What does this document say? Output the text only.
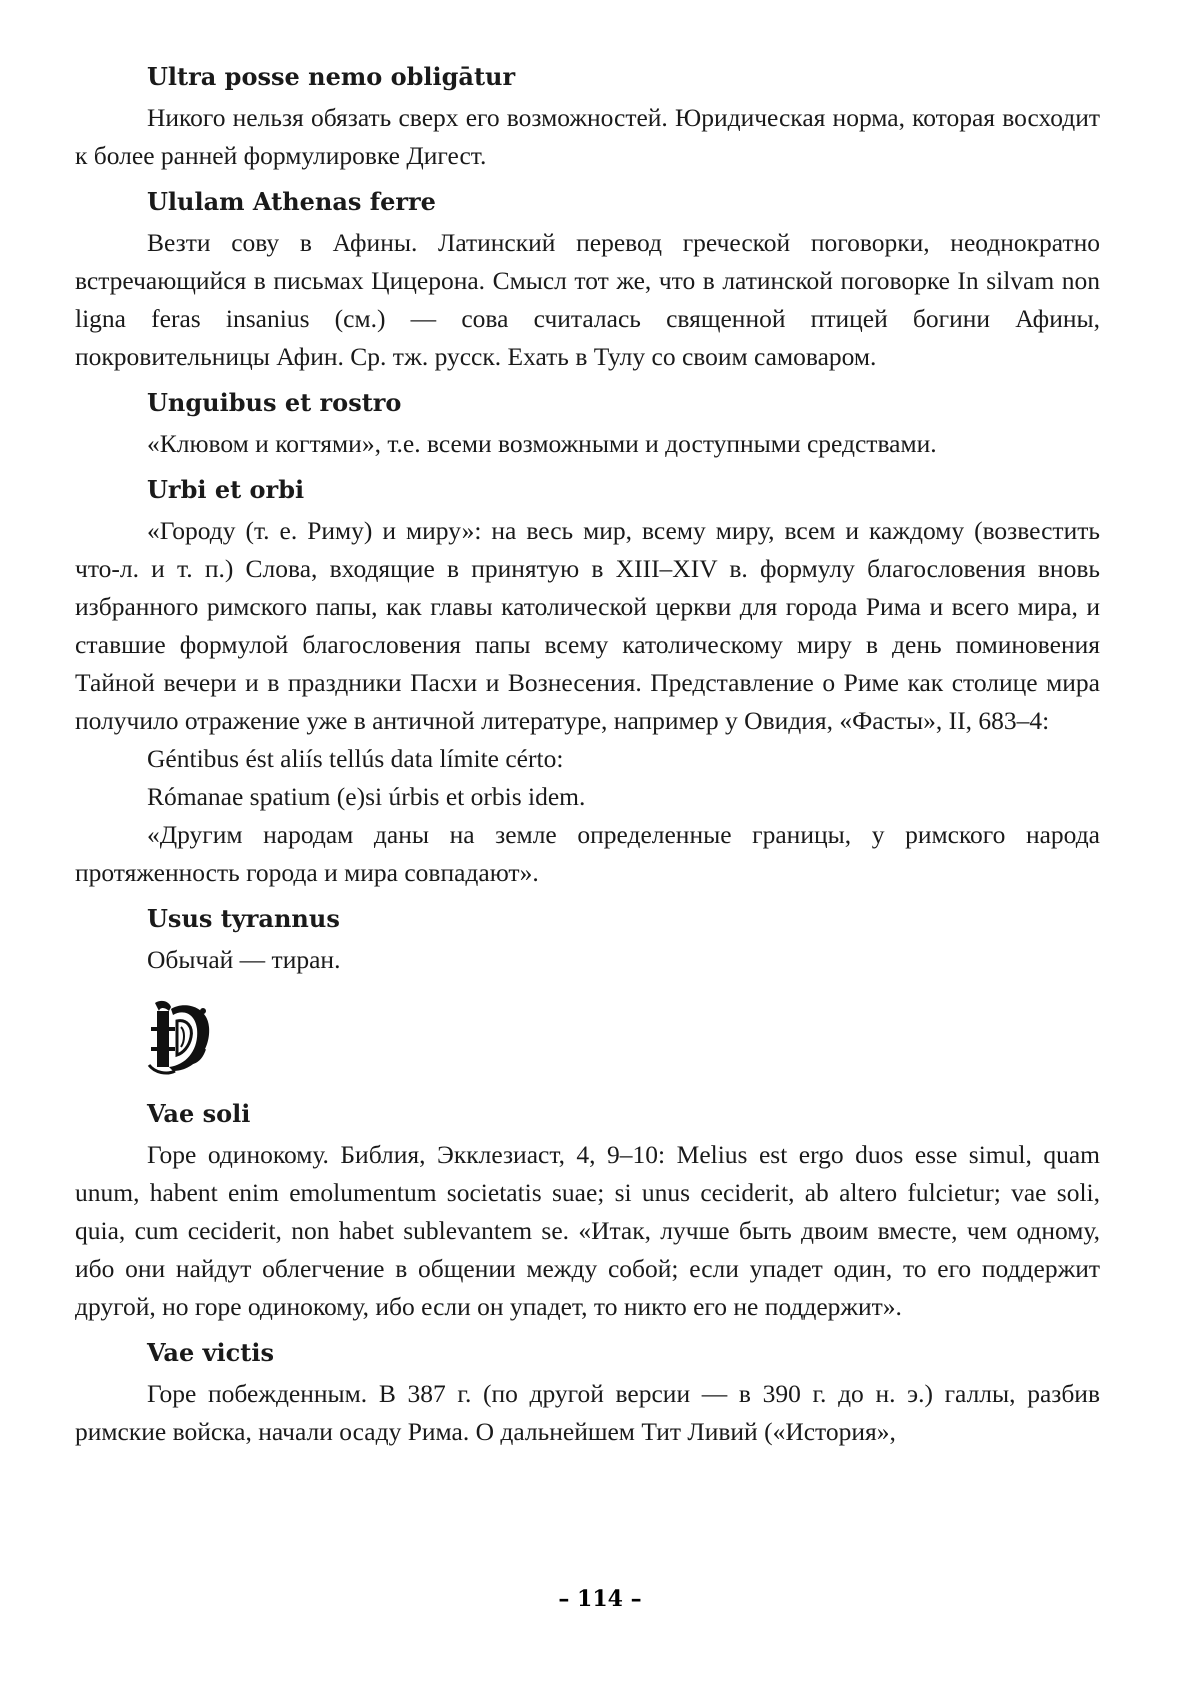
Ultra posse nemo obligātur

Никого нельзя обязать сверх его возможностей. Юридическая норма, которая восходит к более ранней формулировке Дигест.

Ululam Athenas ferre

Везти сову в Афины. Латинский перевод греческой поговорки, неоднократно встречающийся в письмах Цицерона. Смысл тот же, что в латинской поговорке In silvam non ligna feras insanius (см.) — сова считалась священной птицей богини Афины, покровительницы Афин. Ср. тж. русск. Ехать в Тулу со своим самоваром.

Unguibus et rostro

«Клювом и когтями», т.е. всеми возможными и доступными средствами.

Urbi et orbi

«Городу (т. е. Риму) и миру»: на весь мир, всему миру, всем и каждому (возвестить что-л. и т. п.) Слова, входящие в принятую в XIII–XIV в. формулу благословения вновь избранного римского папы, как главы католической церкви для города Рима и всего мира, и ставшие формулой благословения папы всему католическому миру в день поминовения Тайной вечери и в праздники Пасхи и Вознесения. Представление о Риме как столице мира получило отражение уже в античной литературе, например у Овидия, «Фасты», II, 683–4:

Géntibus ést aliís tellús data límite cérto:

Rómanae spatium (e)si úrbis et orbis idem.

«Другим народам даны на земле определенные границы, у римского народа протяженность города и мира совпадают».

Usus tyrannus

Обычай — тиран.

Vae soli

Горе одинокому. Библия, Экклезиаст, 4, 9–10: Melius est ergo duos esse simul, quam unum, habent enim emolumentum societatis suae; si unus ceciderit, ab altero fulcietur; vae soli, quia, cum ceciderit, non habet sublevantem se. «Итак, лучше быть двоим вместе, чем одному, ибо они найдут облегчение в общении между собой; если упадет один, то его поддержит другой, но горе одинокому, ибо если он упадет, то никто его не поддержит».

Vae victis

Горе побежденным. В 387 г. (по другой версии — в 390 г. до н. э.) галлы, разбив римские войска, начали осаду Рима. О дальнейшем Тит Ливий («История»,

– 114 –
